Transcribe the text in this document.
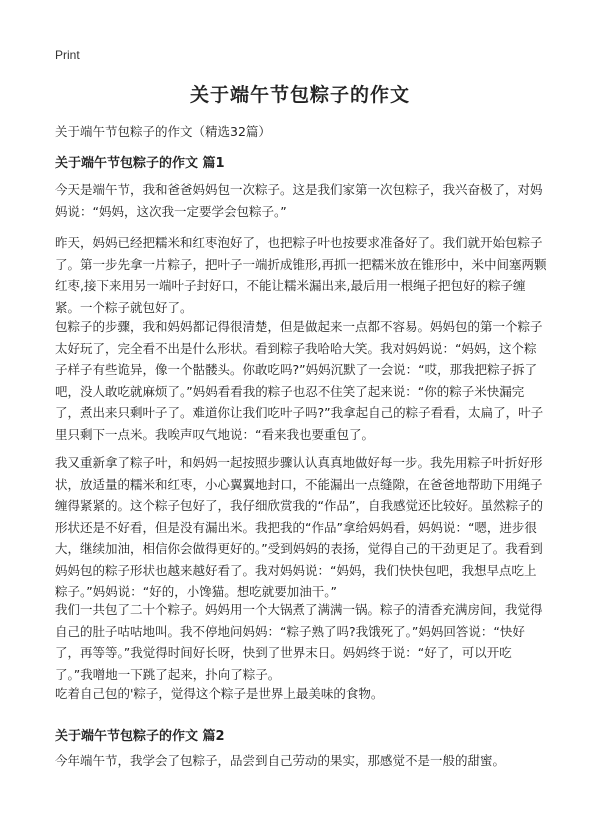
Print
关于端午节包粽子的作文
关于端午节包粽子的作文（精选32篇）
关于端午节包粽子的作文 篇1

今天是端午节，我和爸爸妈妈包一次粽子。这是我们家第一次包粽子，我兴奋极了，对妈妈说：“妈妈，这次我一定要学会包粽子。”

昨天，妈妈已经把糯米和红枣泡好了，也把粽子叶也按要求准备好了。我们就开始包粽子了。第一步先拿一片粽子，把叶子一端折成锥形,再抓一把糯米放在锥形中，米中间塞两颗红枣,接下来用另一端叶子封好口，不能让糯米漏出来,最后用一根绳子把包好的粽子缠紧。一个粽子就包好了。

包粽子的步骤，我和妈妈都记得很清楚，但是做起来一点都不容易。妈妈包的第一个粽子太好玩了，完全看不出是什么形状。看到粽子我哈哈大笑。我对妈妈说：“妈妈，这个粽子样子有些诡异，像一个骷髅头。你敢吃吗?”妈妈沉默了一会说：“哎，那我把粽子拆了吧，没人敢吃就麻烦了。”妈妈看看我的粽子也忍不住笑了起来说：“你的粽子米快漏完了，煮出来只剩叶子了。难道你让我们吃叶子吗?”我拿起自己的粽子看看，太扁了，叶子里只剩下一点米。我唉声叹气地说：“看来我也要重包了。

我又重新拿了粽子叶，和妈妈一起按照步骤认认真真地做好每一步。我先用粽子叶折好形状，放适量的糯米和红枣，小心翼翼地封口，不能漏出一点缝隙，在爸爸地帮助下用绳子缠得紧紧的。这个粽子包好了，我仔细欣赏我的“作品”，自我感觉还比较好。虽然粽子的形状还是不好看，但是没有漏出米。我把我的“作品”拿给妈妈看，妈妈说：“嗯，进步很大，继续加油，相信你会做得更好的。”受到妈妈的表扬，觉得自己的干劲更足了。我看到妈妈包的粽子形状也越来越好看了。我对妈妈说：“妈妈，我们快快包吧，我想早点吃上粽子。”妈妈说：“好的，小馋猫。想吃就要加油干。”

我们一共包了二十个粽子。妈妈用一个大锅煮了满满一锅。粽子的清香充满房间，我觉得自己的肚子咕咕地叫。我不停地问妈妈：“粽子熟了吗?我饿死了。”妈妈回答说：“快好了，再等等。”我觉得时间好长呀，快到了世界末日。妈妈终于说：“好了，可以开吃了。”我噌地一下跳了起来，扑向了粽子。

吃着自己包的'粽子，觉得这个粽子是世界上最美味的食物。

关于端午节包粽子的作文 篇2

今年端午节，我学会了包粽子，品尝到自己劳动的果实，那感觉不是一般的甜蜜。
